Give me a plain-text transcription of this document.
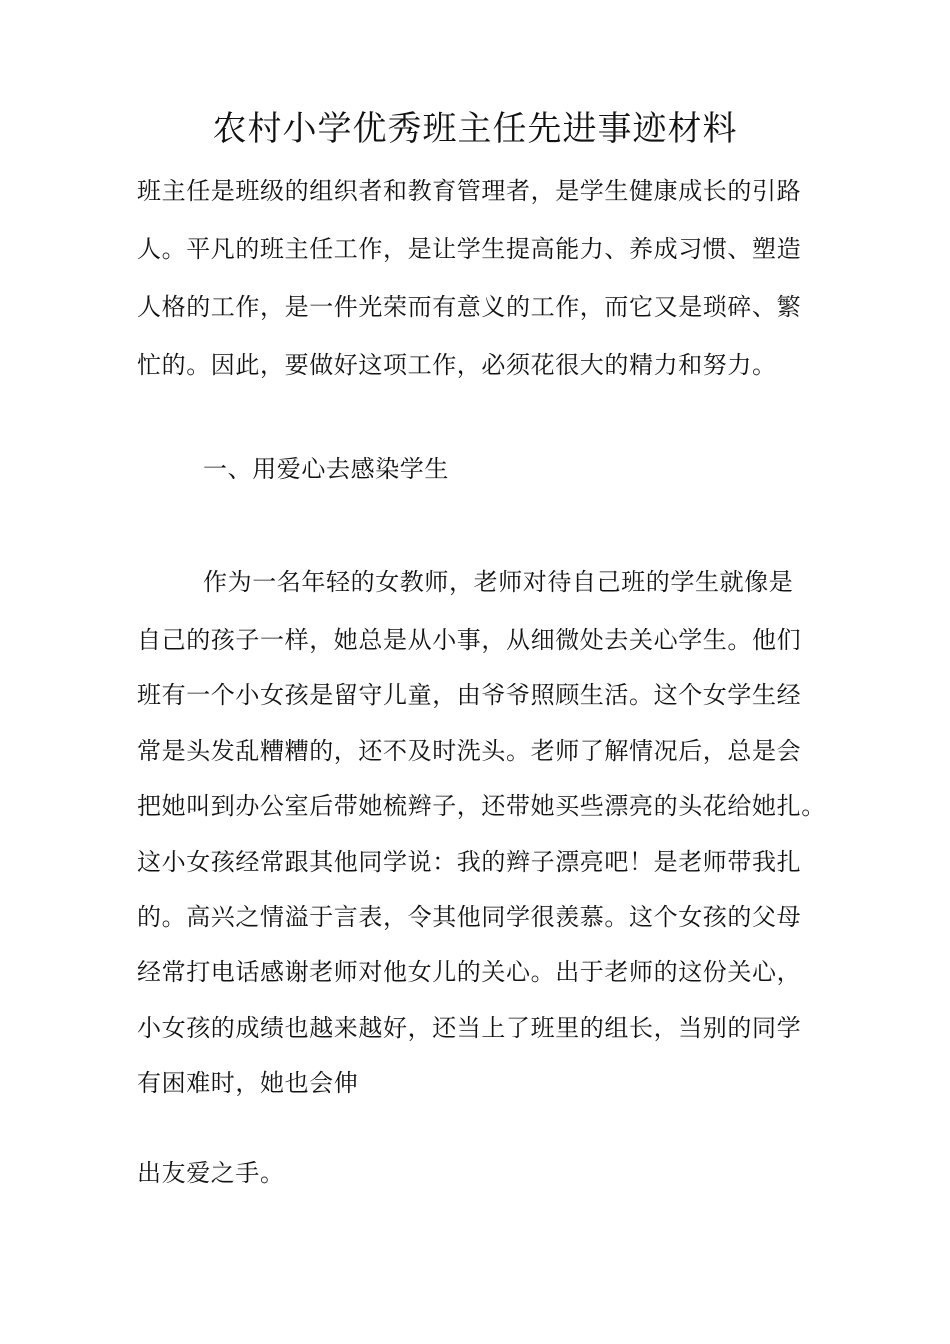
农村小学优秀班主任先进事迹材料
班主任是班级的组织者和教育管理者，是学生健康成长的引路
人。平凡的班主任工作，是让学生提高能力、养成习惯、塑造
人格的工作，是一件光荣而有意义的工作，而它又是琐碎、繁
忙的。因此，要做好这项工作，必须花很大的精力和努力。
一、用爱心去感染学生
作为一名年轻的女教师，老师对待自己班的学生就像是
自己的孩子一样，她总是从小事，从细微处去关心学生。他们
班有一个小女孩是留守儿童，由爷爷照顾生活。这个女学生经
常是头发乱糟糟的，还不及时洗头。老师了解情况后，总是会
把她叫到办公室后带她梳辫子，还带她买些漂亮的头花给她扎。
这小女孩经常跟其他同学说：我的辫子漂亮吧！是老师带我扎
的。高兴之情溢于言表，令其他同学很羡慕。这个女孩的父母
经常打电话感谢老师对他女儿的关心。出于老师的这份关心，
小女孩的成绩也越来越好，还当上了班里的组长，当别的同学
有困难时，她也会伸
出友爱之手。
